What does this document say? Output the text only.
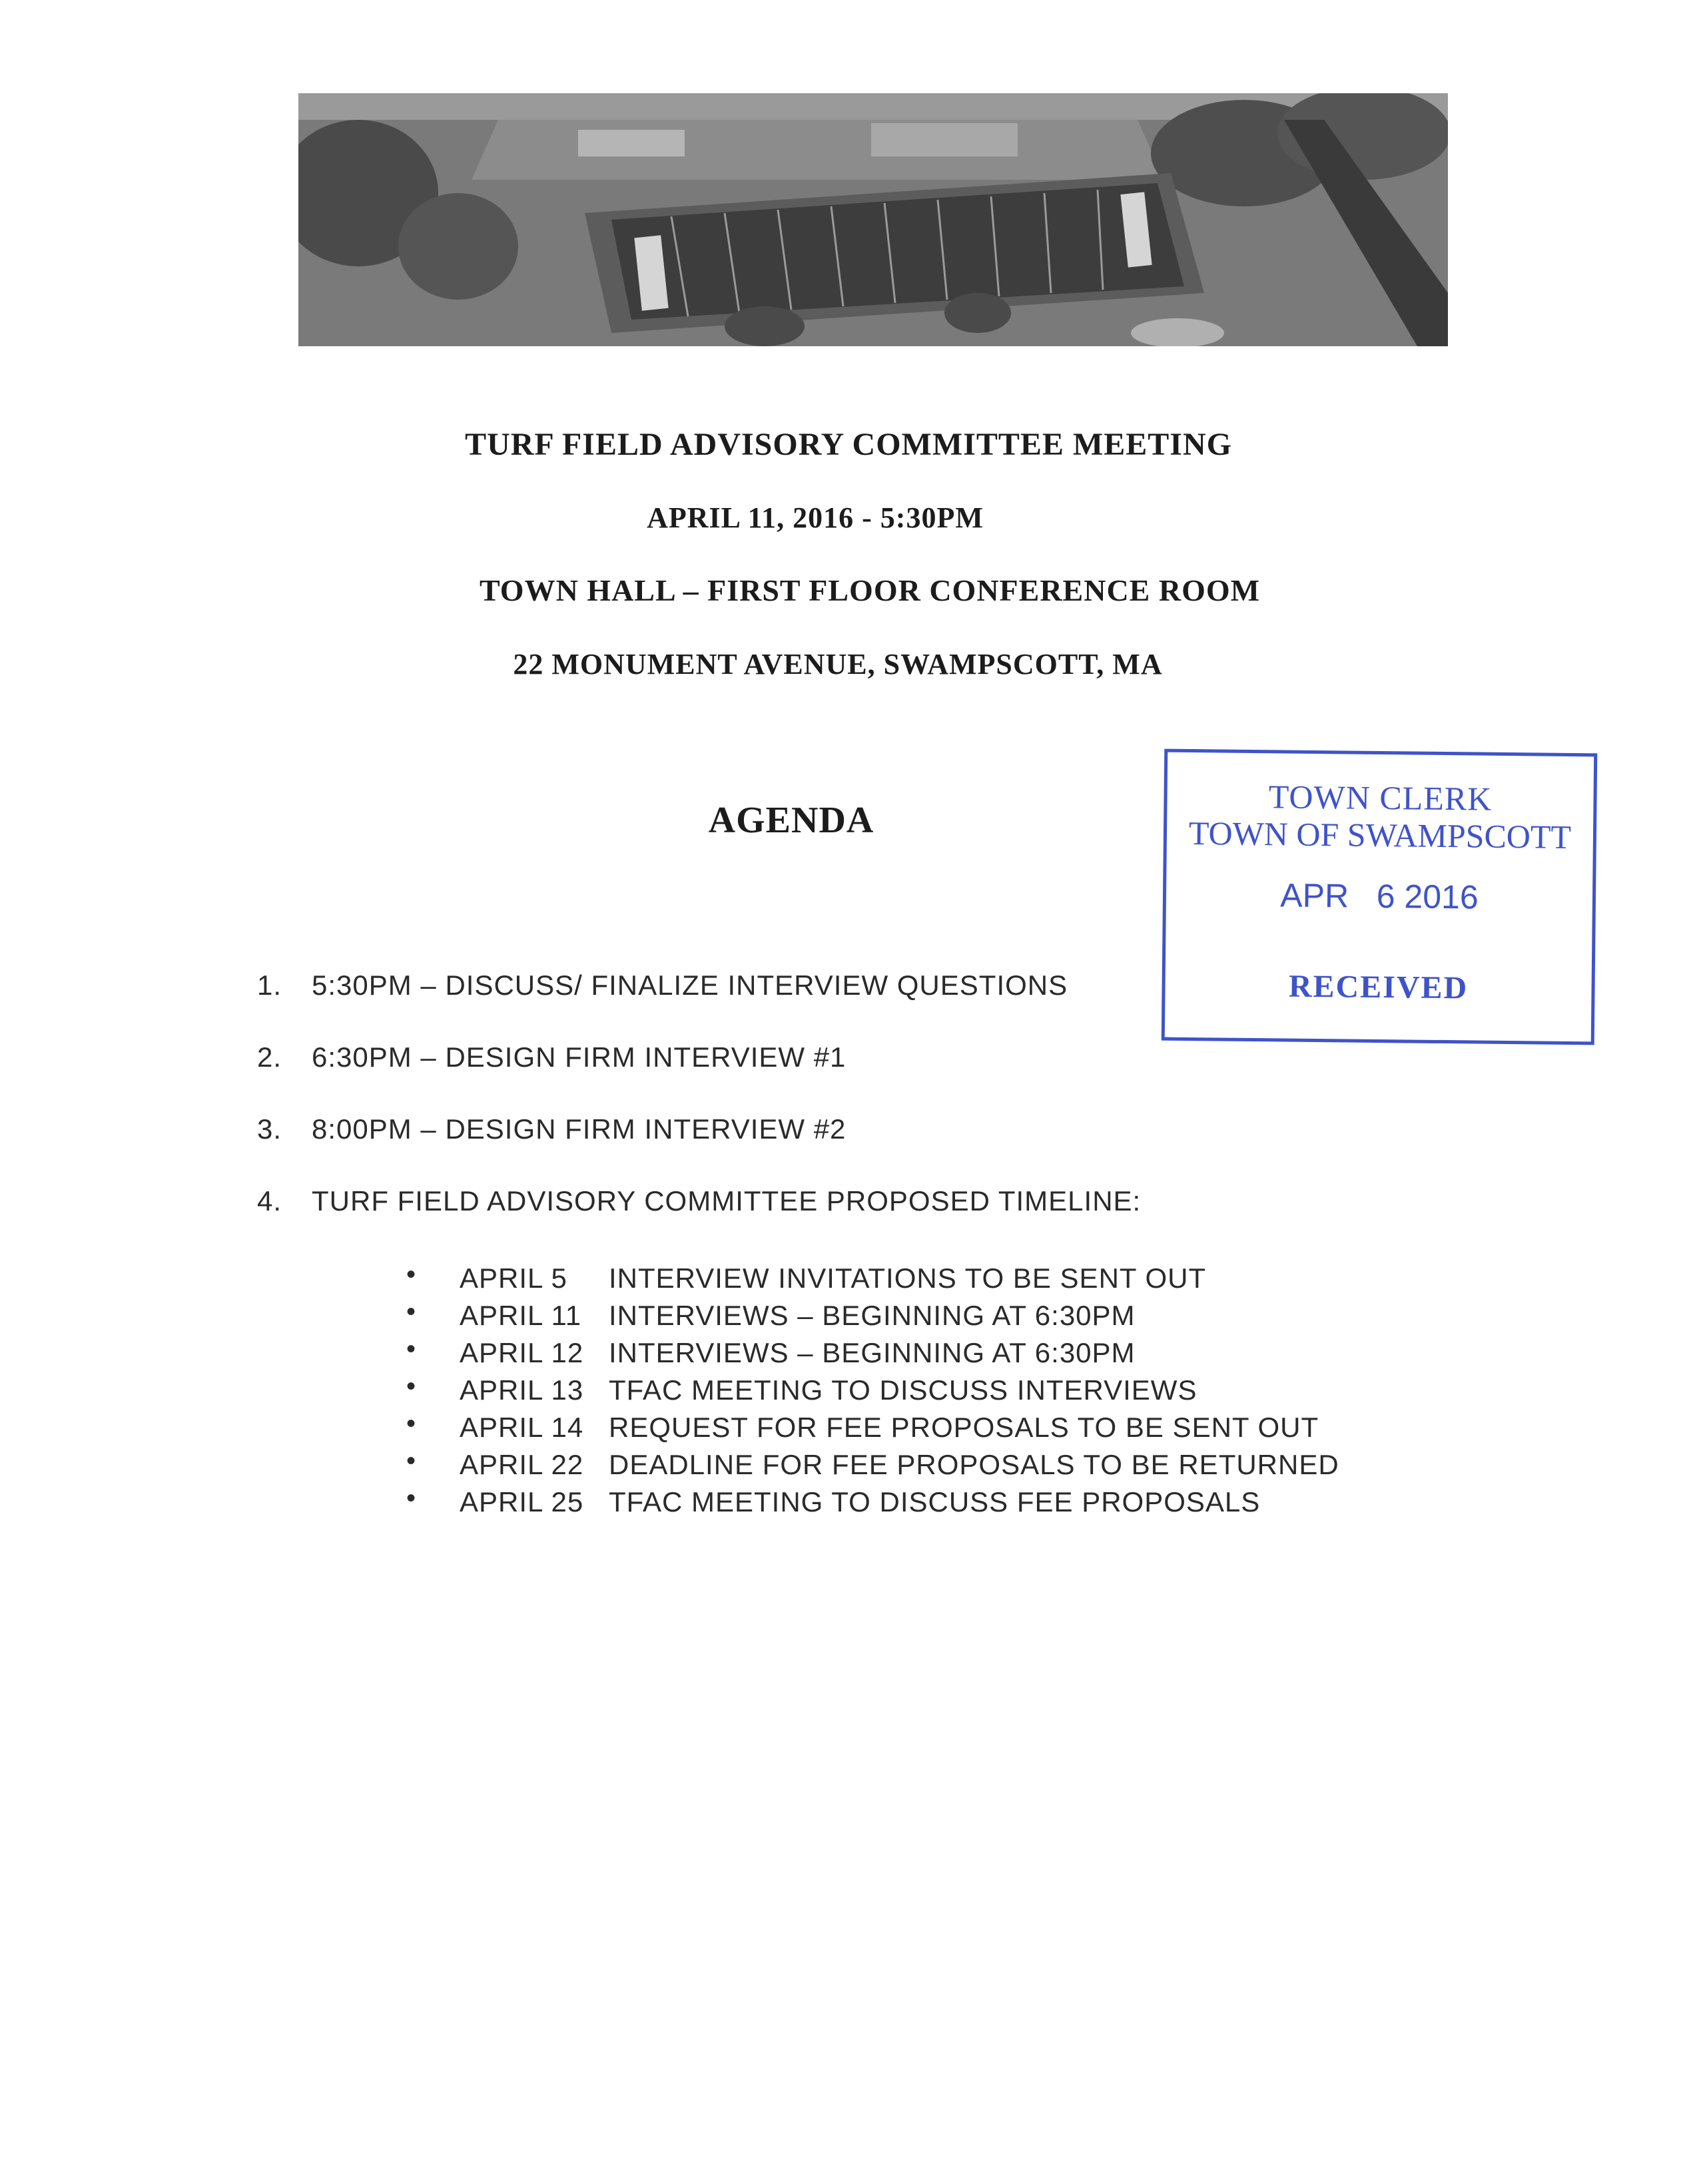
TURF FIELD ADVISORY COMMITTEE MEETING
APRIL 11, 2016 - 5:30PM
TOWN HALL – FIRST FLOOR CONFERENCE ROOM
22 MONUMENT AVENUE, SWAMPSCOTT, MA
AGENDA
TOWN CLERK
TOWN OF SWAMPSCOTT
APR   6 2016
RECEIVED
1. 5:30PM – DISCUSS/ FINALIZE INTERVIEW QUESTIONS
2. 6:30PM – DESIGN FIRM INTERVIEW #1
3. 8:00PM – DESIGN FIRM INTERVIEW #2
4. TURF FIELD ADVISORY COMMITTEE PROPOSED TIMELINE:
• APRIL 5 INTERVIEW INVITATIONS TO BE SENT OUT
• APRIL 11 INTERVIEWS – BEGINNING AT 6:30PM
• APRIL 12 INTERVIEWS – BEGINNING AT 6:30PM
• APRIL 13 TFAC MEETING TO DISCUSS INTERVIEWS
• APRIL 14 REQUEST FOR FEE PROPOSALS TO BE SENT OUT
• APRIL 22 DEADLINE FOR FEE PROPOSALS TO BE RETURNED
• APRIL 25 TFAC MEETING TO DISCUSS FEE PROPOSALS
